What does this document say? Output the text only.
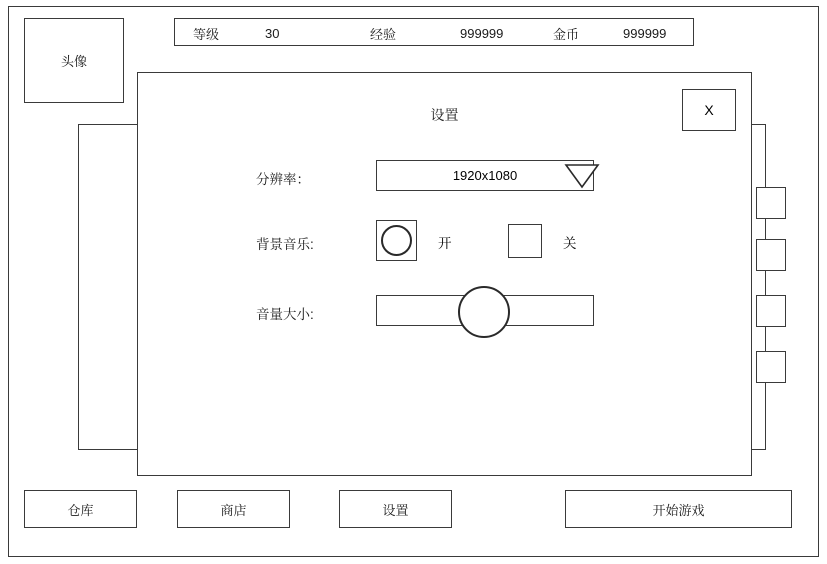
头像
等级	30	经验	999999	金币	999999
仓库	商店	设置	开始游戏
设置	X
分辨率：	1920x1080
背景音乐:	开	关
音量大小:
